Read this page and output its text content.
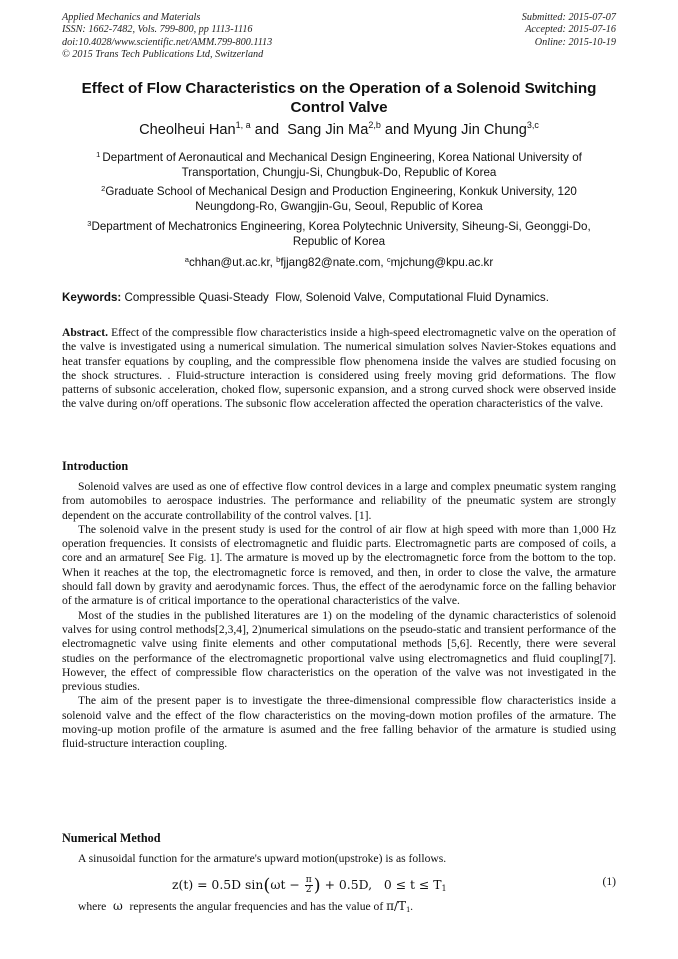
Applied Mechanics and Materials
ISSN: 1662-7482, Vols. 799-800, pp 1113-1116
doi:10.4028/www.scientific.net/AMM.799-800.1113
© 2015 Trans Tech Publications Ltd, Switzerland
Submitted: 2015-07-07
Accepted: 2015-07-16
Online: 2015-10-19
Effect of Flow Characteristics on the Operation of a Solenoid Switching
Control Valve
Cheolheui Han$^{1, a}$ and  Sang Jin Ma$^{2,b}$ and Myung Jin Chung$^{3,c}$
$^1$ Department of Aeronautical and Mechanical Design Engineering, Korea National University of
Transportation, Chungju-Si, Chungbuk-Do, Republic of Korea
$^2$Graduate School of Mechanical Design and Production Engineering, Konkuk University, 120
Neungdong-Ro, Gwangjin-Gu, Seoul, Republic of Korea
$^3$Department of Mechatronics Engineering, Korea Polytechnic University, Siheung-Si, Geonggi-Do,
Republic of Korea
$^a$chhan@ut.ac.kr, $^b$fjjang82@nate.com, $^c$mjchung@kpu.ac.kr
Keywords: Compressible Quasi-Steady  Flow, Solenoid Valve, Computational Fluid Dynamics.
Abstract. Effect of the compressible flow characteristics inside a high-speed electromagnetic valve on the operation of the valve is investigated using a numerical simulation. The numerical simulation solves Navier-Stokes equations and heat transfer equations by coupling, and the compressible flow phenomena inside the valves are studied focusing on the shock structures. . Fluid-structure interaction is considered using freely moving grid deformations. The flow patterns of subsonic acceleration, choked flow, supersonic expansion, and a strong curved shock were observed inside the valve during on/off operations. The subsonic flow acceleration affected the operation characteristics of the valve.
Introduction

Solenoid valves are used as one of effective flow control devices in a large and complex pneumatic system ranging from automobiles to aerospace industries. The performance and reliability of the pneumatic system are strongly dependent on the accurate controllability of the control valves. [1].

The solenoid valve in the present study is used for the control of air flow at high speed with more than 1,000 Hz operation frequencies. It consists of electromagnetic and fluidic parts. Electromagnetic parts are composed of coils, a core and an armature[ See Fig. 1]. The armature is moved up by the electromagnetic force from the bottom to the top. When it reaches at the top, the electromagnetic force is removed, and then, in order to close the valve, the armature should fall down by gravity and aerodynamic forces. Thus, the effect of the aerodynamic force on the falling behavior of the armature is of critical importance to the operational characteristics of the valve.

Most of the studies in the published literatures are 1) on the modeling of the dynamic characteristics of solenoid valves for using control methods[2,3,4], 2)numerical simulations on the pseudo-static and transient performance of the electromagnetic valve using finite elements and other computational methods [5,6]. Recently, there were several studies on the performance of the electromagnetic proportional valve using electromagnetics and fluid coupling[7]. However, the effect of compressible flow characteristics on the operation of the valve was not investigated in the previous studies.

The aim of the present paper is to investigate the three-dimensional compressible flow characteristics inside a solenoid valve and the effect of the flow characteristics on the moving-down motion profiles of the armature. The moving-up motion profile of the armature is asumed and the free falling behavior of the armature is studied using fluid-structure interaction coupling.

Numerical Method

A sinusoidal function for the armature's upward motion(upstroke) is as follows.

z(t) = 0.5D $\sin(\omega t - \frac{\pi}{2}$ ) + 0.5D,   $0 \le t \le T_1$
(1)
where  ω  represents the angular frequencies and has the value of $\pi/T_1$.
